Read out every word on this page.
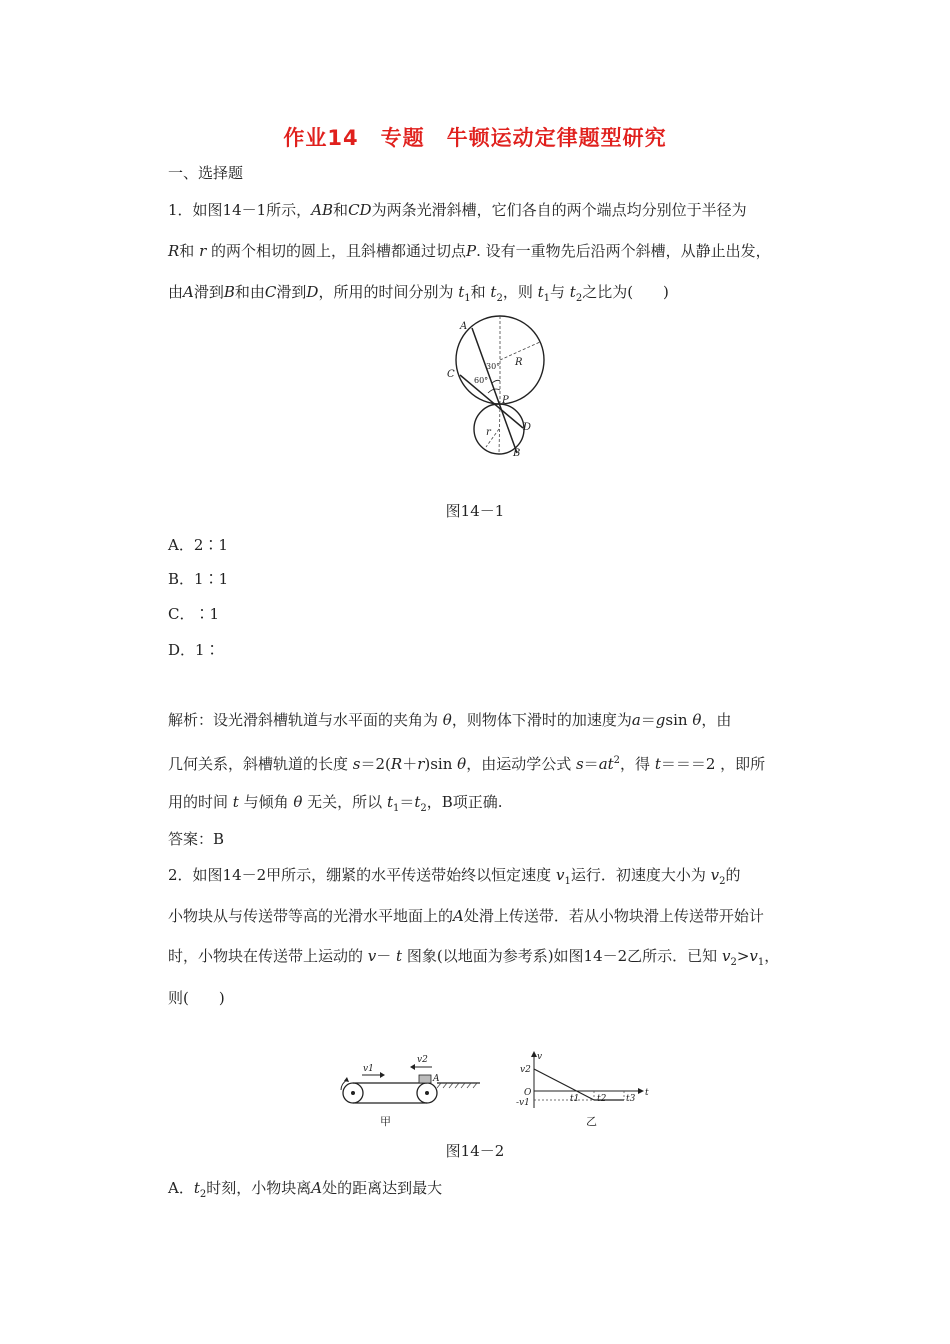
作业14　专题　牛顿运动定律题型研究
一、选择题
1．如图14－1所示，AB和CD为两条光滑斜槽，它们各自的两个端点均分别位于半径为
R和 r 的两个相切的圆上，且斜槽都通过切点P. 设有一重物先后沿两个斜槽，从静止出发，
由A滑到B和由C滑到D，所用的时间分别为 $t_1$和 $t_2$，则 $t_1$与 $t_2$之比为(　　)
A
C
30°
60°
R
P
r	D
B
图14－1
A．2∶1
B．1∶1
C．∶1
D．1∶
解析：设光滑斜槽轨道与水平面的夹角为 θ，则物体下滑时的加速度为a＝gsin θ，由
几何关系，斜槽轨道的长度 s＝2(R＋r)sin θ，由运动学公式 $s=at^2$，得 t＝＝＝2 ，即所
用的时间 t 与倾角 θ 无关，所以 $t_1=t_2$，B项正确.
答案：B
2．如图14－2甲所示，绷紧的水平传送带始终以恒定速度 $v_1$运行．初速度大小为 $v_2$的
小物块从与传送带等高的光滑水平地面上的A处滑上传送带．若从小物块滑上传送带开始计
时，小物块在传送带上运动的 v－ t 图象(以地面为参考系)如图14－2乙所示．已知 $v_2>v_1$，
则(　　)
v1
v2
A
甲
v
v2
O
-v1	t1 t2 t3
t
乙
图14－2
A．$t_2$时刻，小物块离A处的距离达到最大
